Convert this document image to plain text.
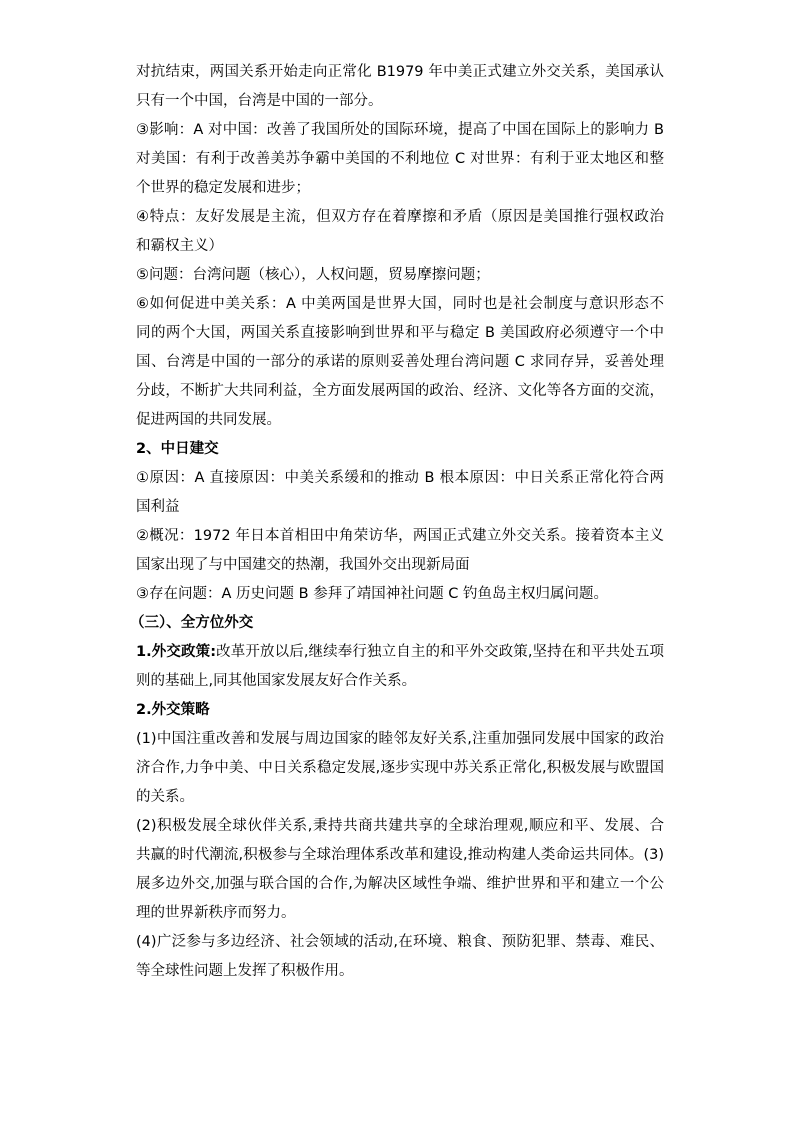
对抗结束，两国关系开始走向正常化 B1979 年中美正式建立外交关系，美国承认
只有一个中国，台湾是中国的一部分。
③影响：A 对中国：改善了我国所处的国际环境，提高了中国在国际上的影响力 B
对美国：有利于改善美苏争霸中美国的不利地位 C 对世界：有利于亚太地区和整
个世界的稳定发展和进步；
④特点：友好发展是主流，但双方存在着摩擦和矛盾（原因是美国推行强权政治
和霸权主义）
⑤问题：台湾问题（核心），人权问题，贸易摩擦问题；
⑥如何促进中美关系：A 中美两国是世界大国，同时也是社会制度与意识形态不
同的两个大国，两国关系直接影响到世界和平与稳定 B 美国政府必须遵守一个中
国、台湾是中国的一部分的承诺的原则妥善处理台湾问题 C 求同存异，妥善处理
分歧，不断扩大共同利益，全方面发展两国的政治、经济、文化等各方面的交流，
促进两国的共同发展。
2、中日建交
①原因：A 直接原因：中美关系缓和的推动 B 根本原因：中日关系正常化符合两
国利益
②概况：1972 年日本首相田中角荣访华，两国正式建立外交关系。接着资本主义
国家出现了与中国建交的热潮，我国外交出现新局面
③存在问题：A 历史问题 B 参拜了靖国神社问题 C 钓鱼岛主权归属问题。
（三）、全方位外交
1.外交政策:改革开放以后,继续奉行独立自主的和平外交政策,坚持在和平共处五项
则的基础上,同其他国家发展友好合作关系。
2.外交策略
(1)中国注重改善和发展与周边国家的睦邻友好关系,注重加强同发展中国家的政治
济合作,力争中美、中日关系稳定发展,逐步实现中苏关系正常化,积极发展与欧盟国
的关系。
(2)积极发展全球伙伴关系,秉持共商共建共享的全球治理观,顺应和平、发展、合
共赢的时代潮流,积极参与全球治理体系改革和建设,推动构建人类命运共同体。(3)
展多边外交,加强与联合国的合作,为解决区域性争端、维护世界和平和建立一个公
理的世界新秩序而努力。
(4)广泛参与多边经济、社会领域的活动,在环境、粮食、预防犯罪、禁毒、难民、
等全球性问题上发挥了积极作用。
